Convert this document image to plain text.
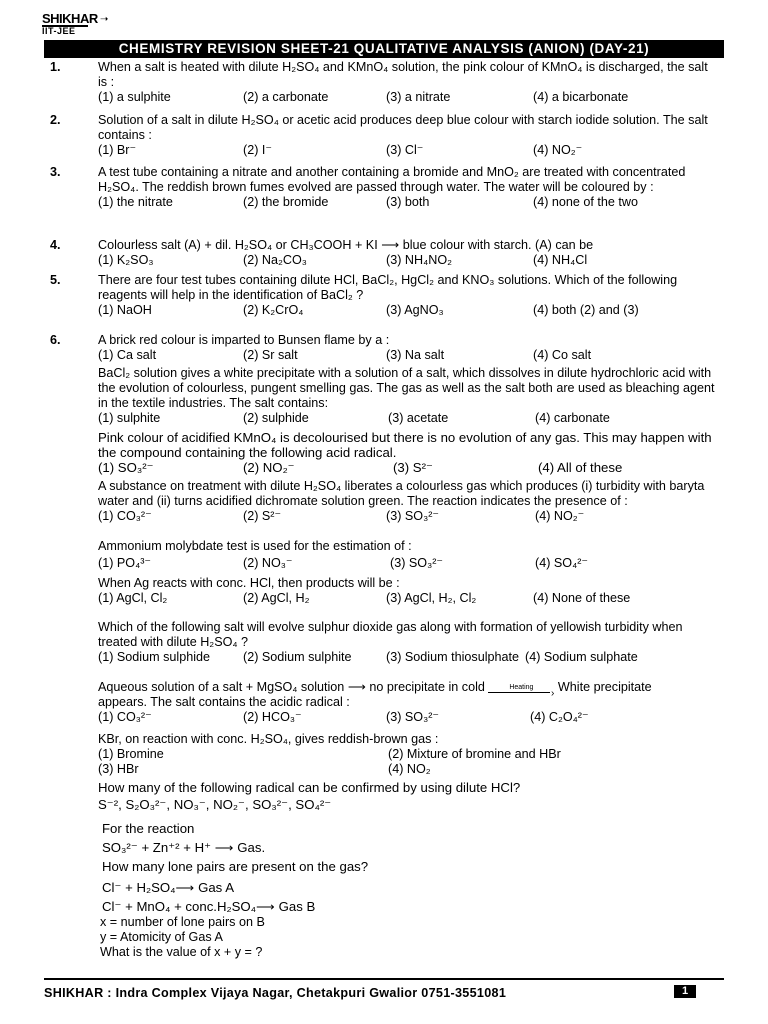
SHIKHAR
IIT-JEE
➝
CHEMISTRY REVISION SHEET-21 QUALITATIVE ANALYSIS (ANION) (DAY-21)
1.	When a salt is heated with dilute H₂SO₄ and KMnO₄ solution, the pink colour of KMnO₄ is discharged, the salt is :
(1) a sulphite	(2) a carbonate	(3) a nitrate	(4) a bicarbonate
2.	Solution of a salt in dilute H₂SO₄ or acetic acid produces deep blue colour with starch iodide solution. The salt contains :
(1) Br⁻	(2) I⁻	(3) Cl⁻	(4) NO₂⁻
3.	A test tube containing a nitrate and another containing a bromide and MnO₂ are treated with concentrated H₂SO₄. The reddish brown fumes evolved are passed through water. The water will be coloured by :
(1) the nitrate	(2) the bromide	(3) both	(4) none of the two
4.	Colourless salt (A) + dil. H₂SO₄ or CH₃COOH + KI ⟶ blue colour with starch. (A) can be
(1) K₂SO₃	(2) Na₂CO₃	(3) NH₄NO₂	(4) NH₄Cl
5.	There are four test tubes containing dilute HCl, BaCl₂, HgCl₂ and KNO₃ solutions. Which of the following reagents will help in the identification of BaCl₂ ?
(1) NaOH	(2) K₂CrO₄	(3) AgNO₃	(4) both (2) and (3)
6.	A brick red colour is imparted to Bunsen flame by a :
(1) Ca salt	(2) Sr salt	(3) Na salt	(4) Co salt
BaCl₂ solution gives a white precipitate with a solution of a salt, which dissolves in dilute hydrochloric acid with the evolution of colourless, pungent smelling gas. The gas as well as the salt both are used as bleaching agent in the textile industries. The salt contains:
(1) sulphite	(2) sulphide	(3) acetate	(4) carbonate
Pink colour of acidified KMnO₄ is decolourised but there is no evolution of any gas. This may happen with the compound containing the following acid radical.
(1) SO₃²⁻	(2) NO₂⁻	(3) S²⁻	(4) All of these
A substance on treatment with dilute H₂SO₄ liberates a colourless gas which produces (i) turbidity with baryta water and (ii) turns acidified dichromate solution green. The reaction indicates the presence of :
(1) CO₃²⁻	(2) S²⁻	(3) SO₃²⁻	(4) NO₂⁻
Ammonium molybdate test is used for the estimation of :
(1) PO₄³⁻	(2) NO₃⁻	(3) SO₃²⁻	(4) SO₄²⁻
When Ag reacts with conc. HCl, then products will be :
(1) AgCl, Cl₂	(2) AgCl, H₂	(3) AgCl, H₂, Cl₂	(4) None of these
Which of the following salt will evolve sulphur dioxide gas along with formation of yellowish turbidity when treated with dilute H₂SO₄ ?
(1) Sodium sulphide	(2) Sodium sulphite	(3) Sodium thiosulphate (4) Sodium sulphate
Aqueous solution of a salt + MgSO₄ solution ⟶ no precipitate in cold	Heating
› White precipitate
appears. The salt contains the acidic radical :
(1) CO₃²⁻	(2) HCO₃⁻	(3) SO₃²⁻	(4) C₂O₄²⁻
KBr, on reaction with conc. H₂SO₄, gives reddish-brown gas :
(1) Bromine	(2) Mixture of bromine and HBr
(3) HBr	(4) NO₂
How many of the following radical can be confirmed by using dilute HCl?
S⁻², S₂O₃²⁻, NO₃⁻, NO₂⁻, SO₃²⁻, SO₄²⁻
For the reaction
SO₃²⁻ + Zn⁺² + H⁺ ⟶ Gas.
How many lone pairs are present on the gas?
Cl⁻ + H₂SO₄⟶ Gas A
Cl⁻ + MnO₄ + conc.H₂SO₄⟶ Gas B
x = number of lone pairs on B
y = Atomicity of Gas A
What is the value of x + y = ?
SHIKHAR : Indra Complex Vijaya Nagar, Chetakpuri Gwalior 0751-3551081	1
